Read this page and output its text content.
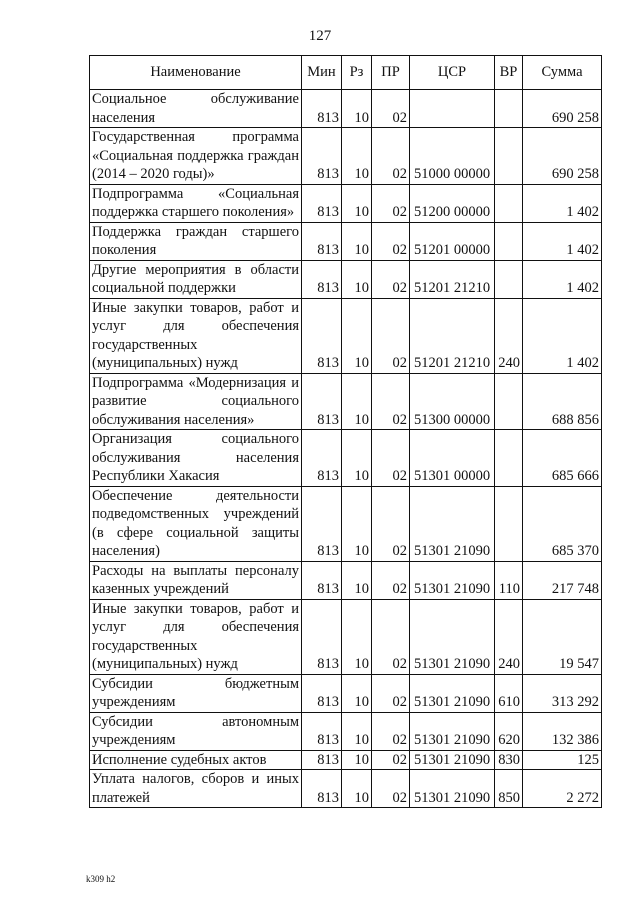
127
Наименование	Мин	Рз	ПР	ЦСР	ВР	Сумма
Социальное обслуживание населения	813	10	02			690 258
Государственная программа «Социальная поддержка граждан (2014 – 2020 годы)»	813	10	02	51000 00000		690 258
Подпрограмма «Социальная поддержка старшего поколения»	813	10	02	51200 00000		1 402
Поддержка граждан старшего поколения	813	10	02	51201 00000		1 402
Другие мероприятия в области социальной поддержки	813	10	02	51201 21210		1 402
Иные закупки товаров, работ и услуг для обеспечения государственных (муниципальных) нужд	813	10	02	51201 21210	240	1 402
Подпрограмма «Модернизация и развитие социального обслуживания населения»	813	10	02	51300 00000		688 856
Организация социального обслуживания населения Республики Хакасия	813	10	02	51301 00000		685 666
Обеспечение деятельности подведомственных учреждений (в сфере социальной защиты населения)	813	10	02	51301 21090		685 370
Расходы на выплаты персоналу казенных учреждений	813	10	02	51301 21090	110	217 748
Иные закупки товаров, работ и услуг для обеспечения государственных (муниципальных) нужд	813	10	02	51301 21090	240	19 547
Субсидии бюджетным учреждениям	813	10	02	51301 21090	610	313 292
Субсидии автономным учреждениям	813	10	02	51301 21090	620	132 386
Исполнение судебных актов	813	10	02	51301 21090	830	125
Уплата налогов, сборов и иных платежей	813	10	02	51301 21090	850	2 272
k309 h2
